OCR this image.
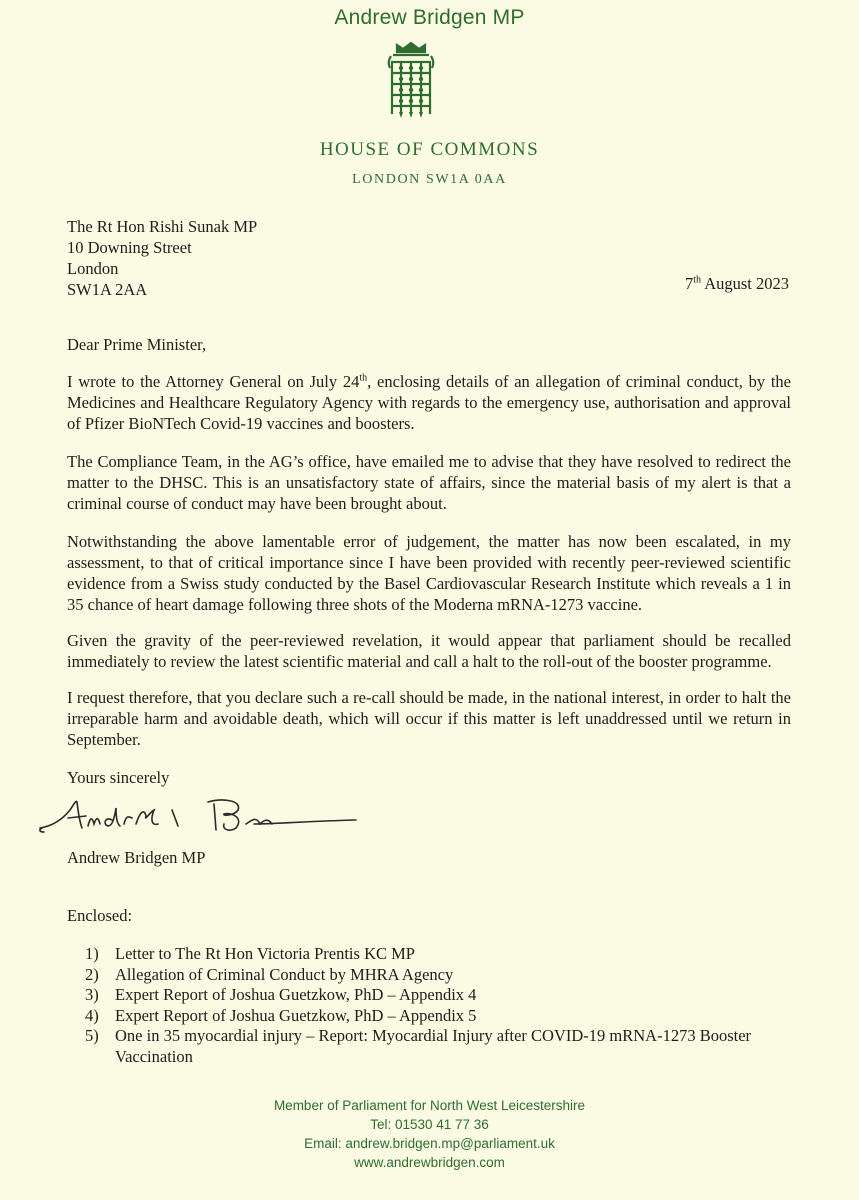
Andrew Bridgen MP
HOUSE OF COMMONS
LONDON SW1A 0AA
The Rt Hon Rishi Sunak MP
10 Downing Street
London
SW1A 2AA	7th August 2023
Dear Prime Minister,
I wrote to the Attorney General on July 24th, enclosing details of an allegation of criminal conduct, by the Medicines and Healthcare Regulatory Agency with regards to the emergency use, authorisation and approval of Pfizer BioNTech Covid-19 vaccines and boosters.
The Compliance Team, in the AG’s office, have emailed me to advise that they have resolved to redirect the matter to the DHSC. This is an unsatisfactory state of affairs, since the material basis of my alert is that a criminal course of conduct may have been brought about.
Notwithstanding the above lamentable error of judgement, the matter has now been escalated, in my assessment, to that of critical importance since I have been provided with recently peer-reviewed scientific evidence from a Swiss study conducted by the Basel Cardiovascular Research Institute which reveals a 1 in 35 chance of heart damage following three shots of the Moderna mRNA-1273 vaccine.
Given the gravity of the peer-reviewed revelation, it would appear that parliament should be recalled immediately to review the latest scientific material and call a halt to the roll-out of the booster programme.
I request therefore, that you declare such a re-call should be made, in the national interest, in order to halt the irreparable harm and avoidable death, which will occur if this matter is left unaddressed until we return in September.
Yours sincerely
Andrew Bridgen MP
Enclosed:
1) Letter to The Rt Hon Victoria Prentis KC MP
2) Allegation of Criminal Conduct by MHRA Agency
3) Expert Report of Joshua Guetzkow, PhD – Appendix 4
4) Expert Report of Joshua Guetzkow, PhD – Appendix 5
5) One in 35 myocardial injury – Report: Myocardial Injury after COVID-19 mRNA-1273 Booster Vaccination
Member of Parliament for North West Leicestershire
Tel: 01530 41 77 36
Email: andrew.bridgen.mp@parliament.uk
www.andrewbridgen.com
